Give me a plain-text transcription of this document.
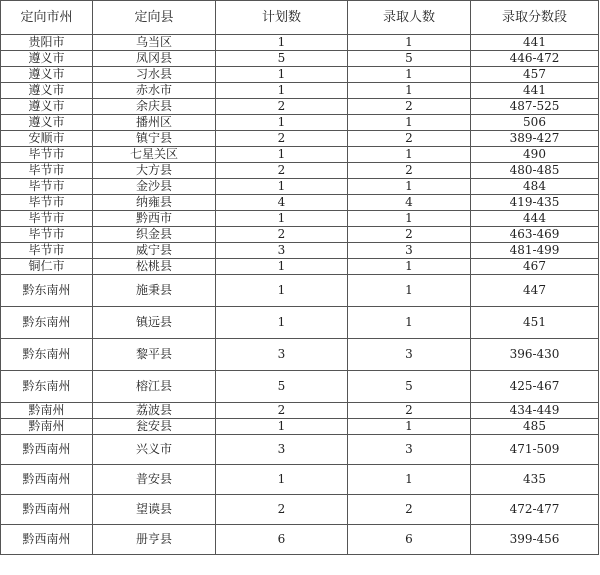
定向市州	定向县	计划数	录取人数	录取分数段
贵阳市	乌当区	1	1	441
遵义市	凤冈县	5	5	446-472
遵义市	习水县	1	1	457
遵义市	赤水市	1	1	441
遵义市	余庆县	2	2	487-525
遵义市	播州区	1	1	506
安顺市	镇宁县	2	2	389-427
毕节市	七星关区	1	1	490
毕节市	大方县	2	2	480-485
毕节市	金沙县	1	1	484
毕节市	纳雍县	4	4	419-435
毕节市	黔西市	1	1	444
毕节市	织金县	2	2	463-469
毕节市	威宁县	3	3	481-499
铜仁市	松桃县	1	1	467
黔东南州	施秉县	1	1	447
黔东南州	镇远县	1	1	451
黔东南州	黎平县	3	3	396-430
黔东南州	榕江县	5	5	425-467
黔南州	荔波县	2	2	434-449
黔南州	瓮安县	1	1	485
黔西南州	兴义市	3	3	471-509
黔西南州	普安县	1	1	435
黔西南州	望谟县	2	2	472-477
黔西南州	册亨县	6	6	399-456
